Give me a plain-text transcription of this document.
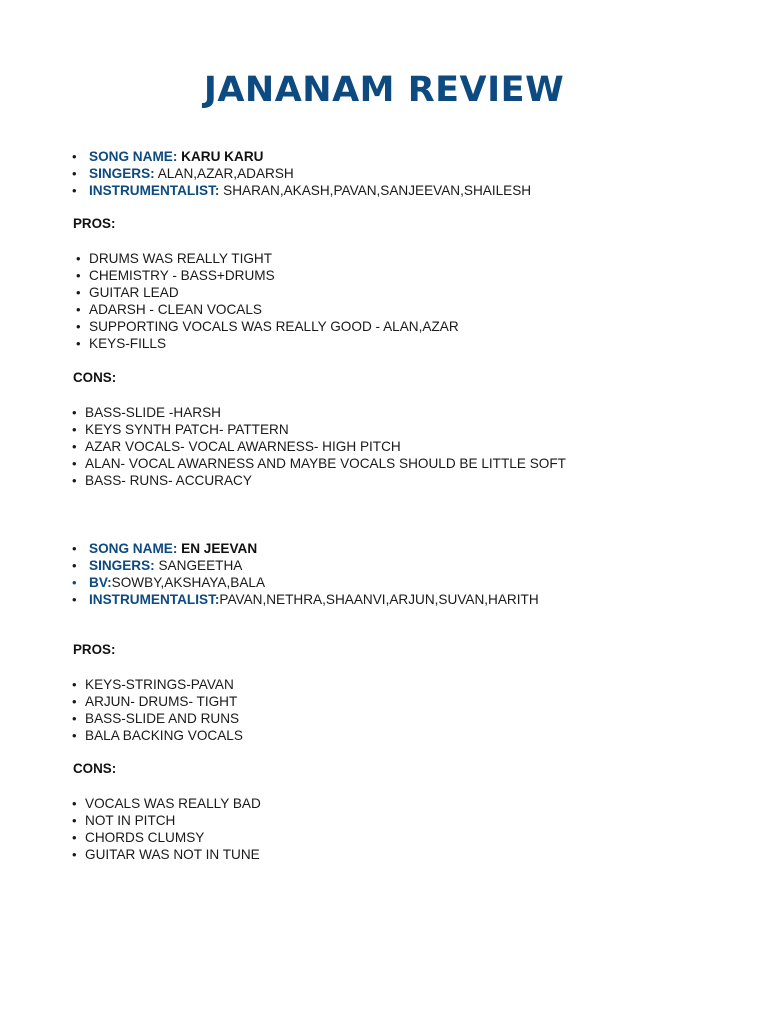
JANANAM REVIEW
• SONG NAME: KARU KARU
• SINGERS: ALAN,AZAR,ADARSH
• INSTRUMENTALIST: SHARAN,AKASH,PAVAN,SANJEEVAN,SHAILESH
PROS:
• DRUMS WAS REALLY TIGHT
• CHEMISTRY - BASS+DRUMS
• GUITAR LEAD
• ADARSH - CLEAN VOCALS
• SUPPORTING VOCALS WAS REALLY GOOD - ALAN,AZAR
• KEYS-FILLS
CONS:
• BASS-SLIDE -HARSH
• KEYS SYNTH PATCH- PATTERN
• AZAR VOCALS- VOCAL AWARNESS- HIGH PITCH
• ALAN- VOCAL AWARNESS AND MAYBE VOCALS SHOULD BE LITTLE SOFT
• BASS- RUNS- ACCURACY
• SONG NAME: EN JEEVAN
• SINGERS: SANGEETHA
• BV:SOWBY,AKSHAYA,BALA
• INSTRUMENTALIST:PAVAN,NETHRA,SHAANVI,ARJUN,SUVAN,HARITH
PROS:
• KEYS-STRINGS-PAVAN
• ARJUN- DRUMS- TIGHT
• BASS-SLIDE AND RUNS
• BALA BACKING VOCALS
CONS:
• VOCALS WAS REALLY BAD
• NOT IN PITCH
• CHORDS CLUMSY
• GUITAR WAS NOT IN TUNE
